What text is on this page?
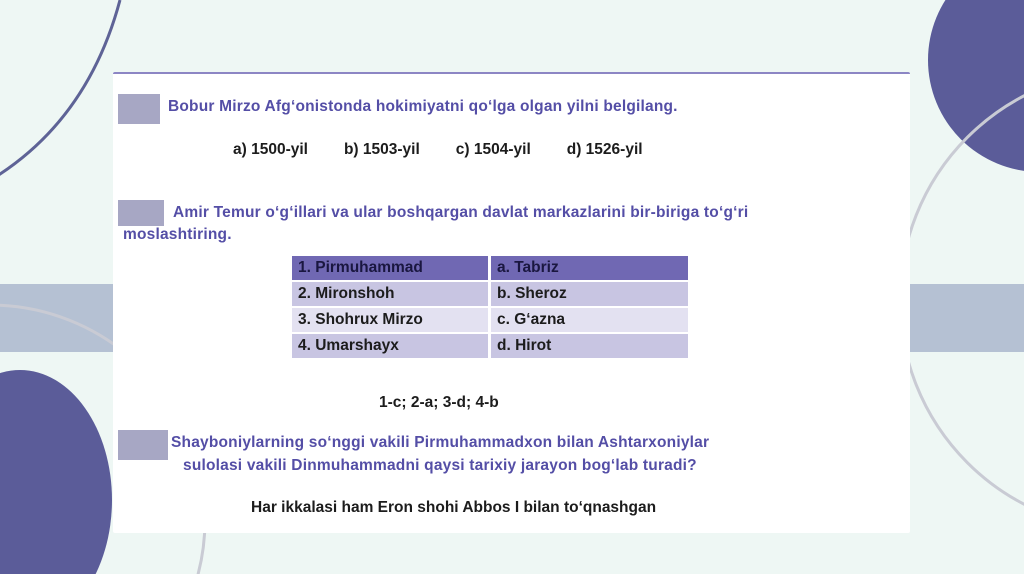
Bobur Mirzo Afg‘onistonda hokimiyatni qo‘lga olgan yilni belgilang.
a) 1500-yil b) 1503-yil c) 1504-yil d) 1526-yil
Amir Temur o‘g‘illari va ular boshqargan davlat markazlarini bir-biriga to‘g‘ri
moslashtiring.
1. Pirmuhammad	a. Tabriz
2. Mironshoh	b. Sheroz
3. Shohrux Mirzo	c. G‘azna
4. Umarshayx	d. Hirot
1-c; 2-a; 3-d; 4-b
Shayboniylarning so‘nggi vakili Pirmuhammadxon bilan Ashtarxoniylar
sulolasi vakili Dinmuhammadni qaysi tarixiy jarayon bog‘lab turadi?
Har ikkalasi ham Eron shohi Abbos I bilan to‘qnashgan
